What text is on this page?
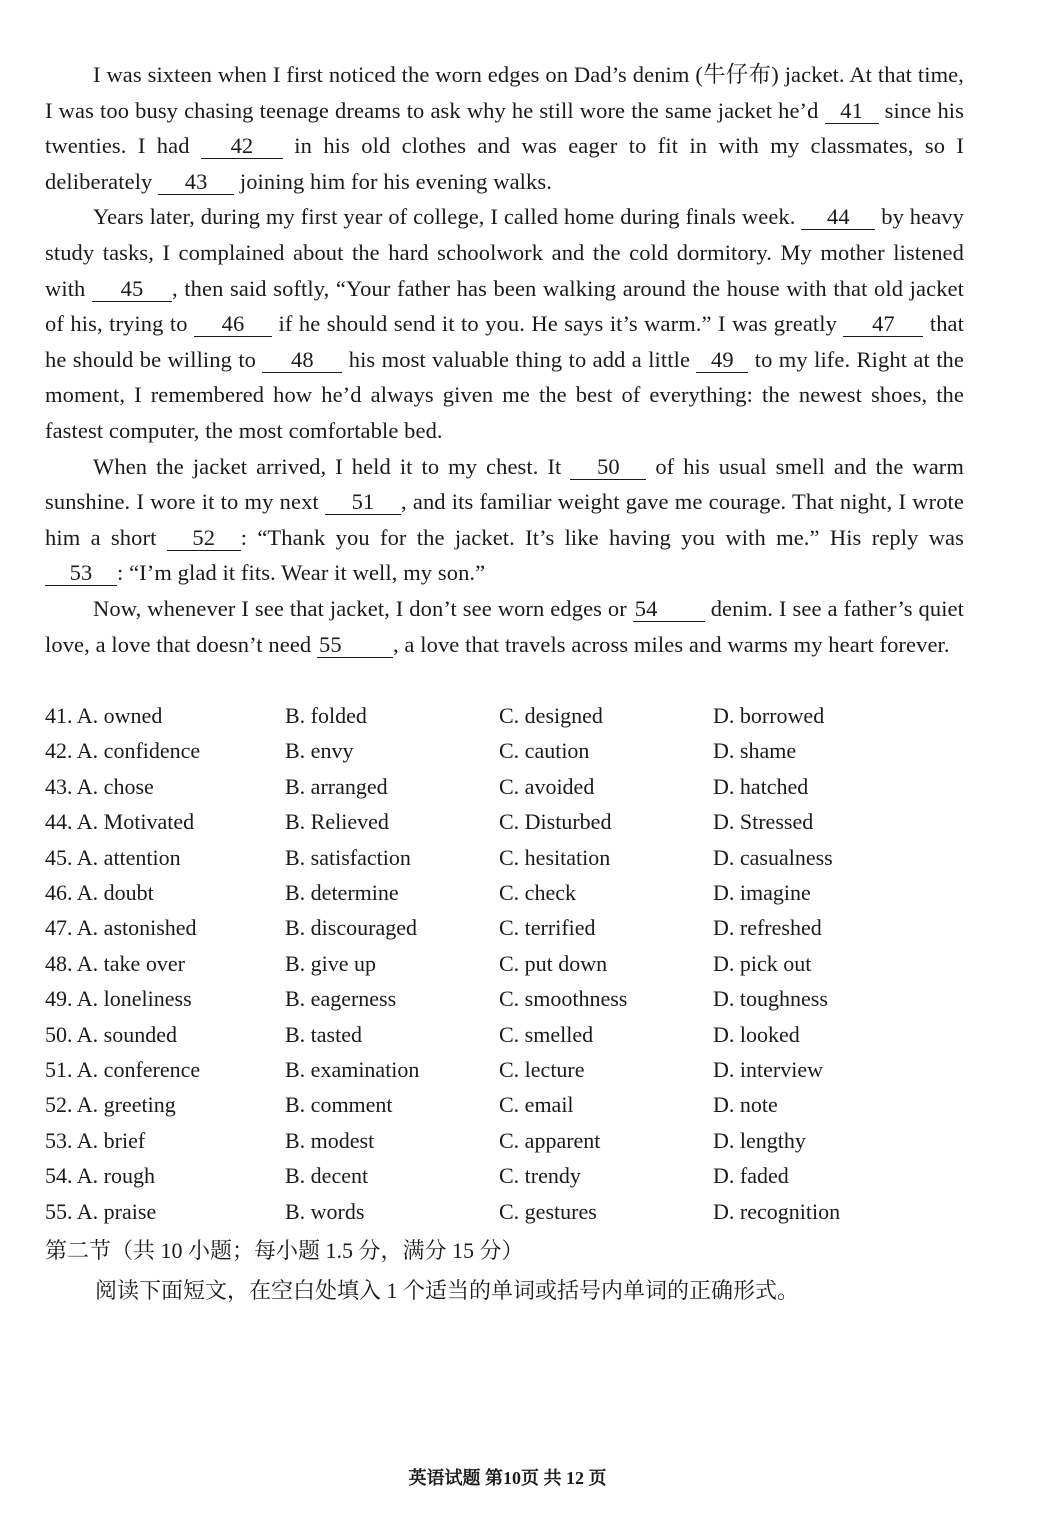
I was sixteen when I first noticed the worn edges on Dad’s denim (牛仔布) jacket. At that time, I was too busy chasing teenage dreams to ask why he still wore the same jacket he’d 41 since his twenties. I had 42 in his old clothes and was eager to fit in with my classmates, so I deliberately 43 joining him for his evening walks.

Years later, during my first year of college, I called home during finals week. 44 by heavy study tasks, I complained about the hard schoolwork and the cold dormitory. My mother listened with 45 , then said softly, “Your father has been walking around the house with that old jacket of his, trying to 46 if he should send it to you. He says it’s warm.” I was greatly 47 that he should be willing to 48 his most valuable thing to add a little 49 to my life. Right at the moment, I remembered how he’d always given me the best of everything: the newest shoes, the fastest computer, the most comfortable bed.

When the jacket arrived, I held it to my chest. It 50 of his usual smell and the warm sunshine. I wore it to my next 51 , and its familiar weight gave me courage. That night, I wrote him a short 52 : “Thank you for the jacket. It’s like having you with me.” His reply was 53 : “I’m glad it fits. Wear it well, my son.”

Now, whenever I see that jacket, I don’t see worn edges or 54 denim. I see a father’s quiet love, a love that doesn’t need 55 , a love that travels across miles and warms my heart forever.

41. A. owned	B. folded	C. designed	D. borrowed
42. A. confidence	B. envy	C. caution	D. shame
43. A. chose	B. arranged	C. avoided	D. hatched
44. A. Motivated	B. Relieved	C. Disturbed	D. Stressed
45. A. attention	B. satisfaction	C. hesitation	D. casualness
46. A. doubt	B. determine	C. check	D. imagine
47. A. astonished	B. discouraged	C. terrified	D. refreshed
48. A. take over	B. give up	C. put down	D. pick out
49. A. loneliness	B. eagerness	C. smoothness	D. toughness
50. A. sounded	B. tasted	C. smelled	D. looked
51. A. conference	B. examination	C. lecture	D. interview
52. A. greeting	B. comment	C. email	D. note
53. A. brief	B. modest	C. apparent	D. lengthy
54. A. rough	B. decent	C. trendy	D. faded
55. A. praise	B. words	C. gestures	D. recognition
第二节（共 10 小题；每小题 1.5 分，满分 15 分）
阅读下面短文，在空白处填入 1 个适当的单词或括号内单词的正确形式。
英语试题 第10页 共 12 页
